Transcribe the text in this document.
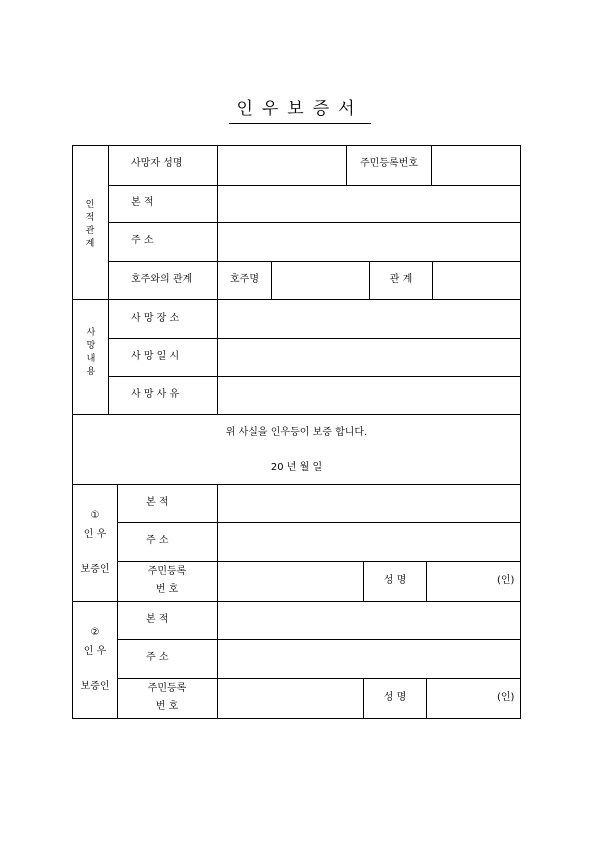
인우보증서
인
적
관
계
사망자 성명	주민등록번호
본 적
주 소
호주와의 관계	호주명	관 계
사
망
내
용
사 망 장 소
사 망 일 시
사 망 사 유
위 사실을 인우등이 보증 합니다.
20 년 월 일
①
인 우
보증인
본 적
주 소
주민등록
번 호
성 명	(인)
②
인 우
보증인
본 적
주 소
주민등록
번 호
성 명	(인)
